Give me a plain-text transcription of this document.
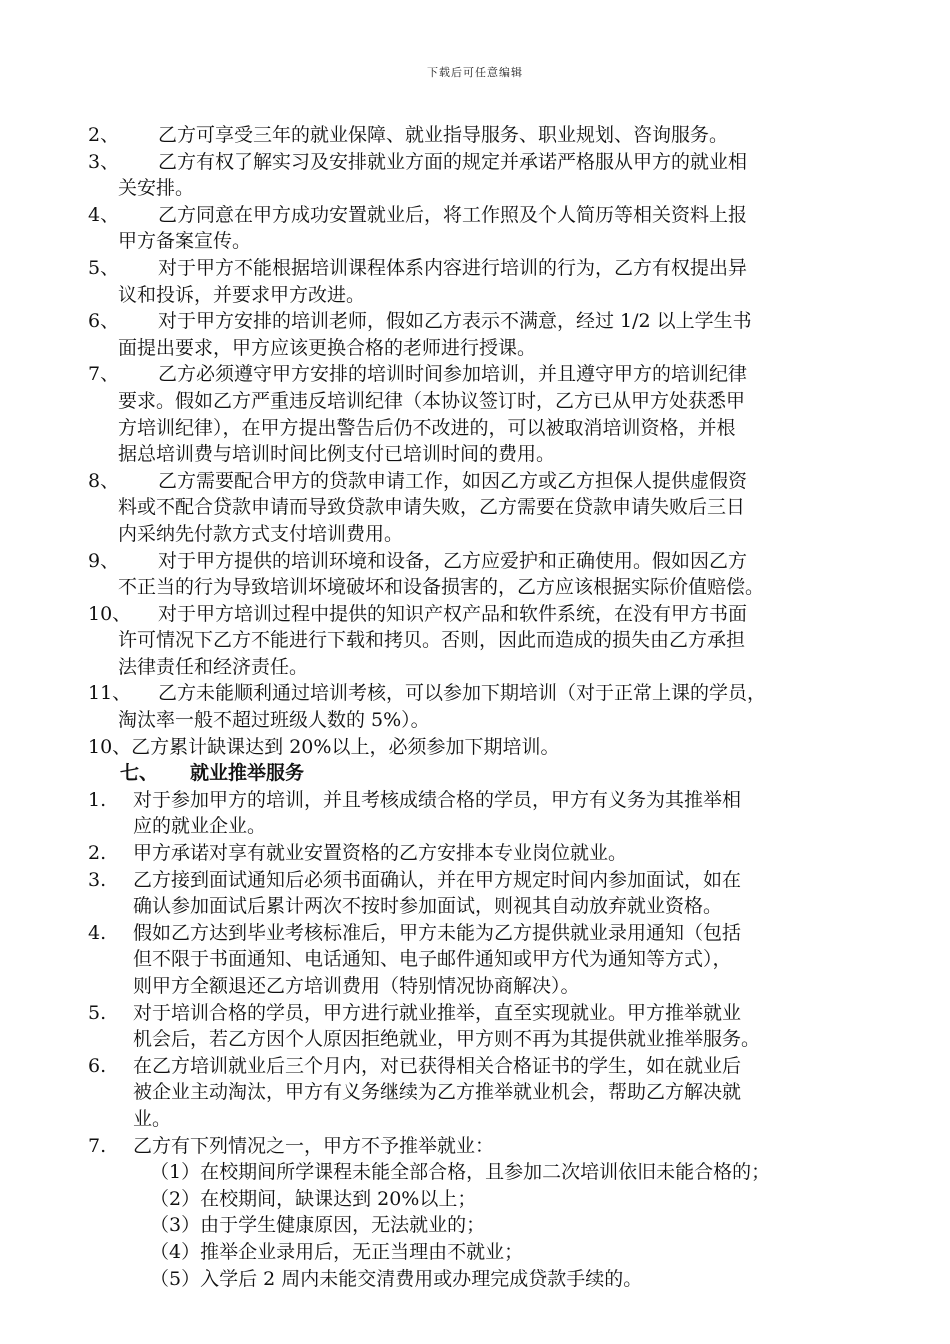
下载后可任意编辑
2、 乙方可享受三年的就业保障、就业指导服务、职业规划、咨询服务。
3、 乙方有权了解实习及安排就业方面的规定并承诺严格服从甲方的就业相
关安排。
4、 乙方同意在甲方成功安置就业后，将工作照及个人简历等相关资料上报
甲方备案宣传。
5、 对于甲方不能根据培训课程体系内容进行培训的行为，乙方有权提出异
议和投诉，并要求甲方改进。
6、 对于甲方安排的培训老师，假如乙方表示不满意，经过 1/2 以上学生书
面提出要求，甲方应该更换合格的老师进行授课。
7、 乙方必须遵守甲方安排的培训时间参加培训，并且遵守甲方的培训纪律
要求。假如乙方严重违反培训纪律（本协议签订时，乙方已从甲方处获悉甲
方培训纪律），在甲方提出警告后仍不改进的，可以被取消培训资格，并根
据总培训费与培训时间比例支付已培训时间的费用。
8、 乙方需要配合甲方的贷款申请工作，如因乙方或乙方担保人提供虚假资
料或不配合贷款申请而导致贷款申请失败，乙方需要在贷款申请失败后三日
内采纳先付款方式支付培训费用。
9、 对于甲方提供的培训环境和设备，乙方应爱护和正确使用。假如因乙方
不正当的行为导致培训坏境破坏和设备损害的，乙方应该根据实际价值赔偿。
10、 对于甲方培训过程中提供的知识产权产品和软件系统，在没有甲方书面
许可情况下乙方不能进行下载和拷贝。否则，因此而造成的损失由乙方承担
法律责任和经济责任。
11、 乙方未能顺利通过培训考核，可以参加下期培训（对于正常上课的学员，
淘汰率一般不超过班级人数的 5%）。
10、乙方累计缺课达到 20%以上，必须参加下期培训。
七、 就业推举服务
1. 对于参加甲方的培训，并且考核成绩合格的学员，甲方有义务为其推举相
应的就业企业。
2. 甲方承诺对享有就业安置资格的乙方安排本专业岗位就业。
3. 乙方接到面试通知后必须书面确认，并在甲方规定时间内参加面试，如在
确认参加面试后累计两次不按时参加面试，则视其自动放弃就业资格。
4. 假如乙方达到毕业考核标准后，甲方未能为乙方提供就业录用通知（包括
但不限于书面通知、电话通知、电子邮件通知或甲方代为通知等方式），
则甲方全额退还乙方培训费用（特别情况协商解决）。
5. 对于培训合格的学员，甲方进行就业推举，直至实现就业。甲方推举就业
机会后，若乙方因个人原因拒绝就业，甲方则不再为其提供就业推举服务。
6. 在乙方培训就业后三个月内，对已获得相关合格证书的学生，如在就业后
被企业主动淘汰，甲方有义务继续为乙方推举就业机会，帮助乙方解决就
业。
7. 乙方有下列情况之一，甲方不予推举就业：
（1）在校期间所学课程未能全部合格，且参加二次培训依旧未能合格的；
（2）在校期间，缺课达到 20%以上；
（3）由于学生健康原因，无法就业的；
（4）推举企业录用后，无正当理由不就业；
（5）入学后 2 周内未能交清费用或办理完成贷款手续的。
